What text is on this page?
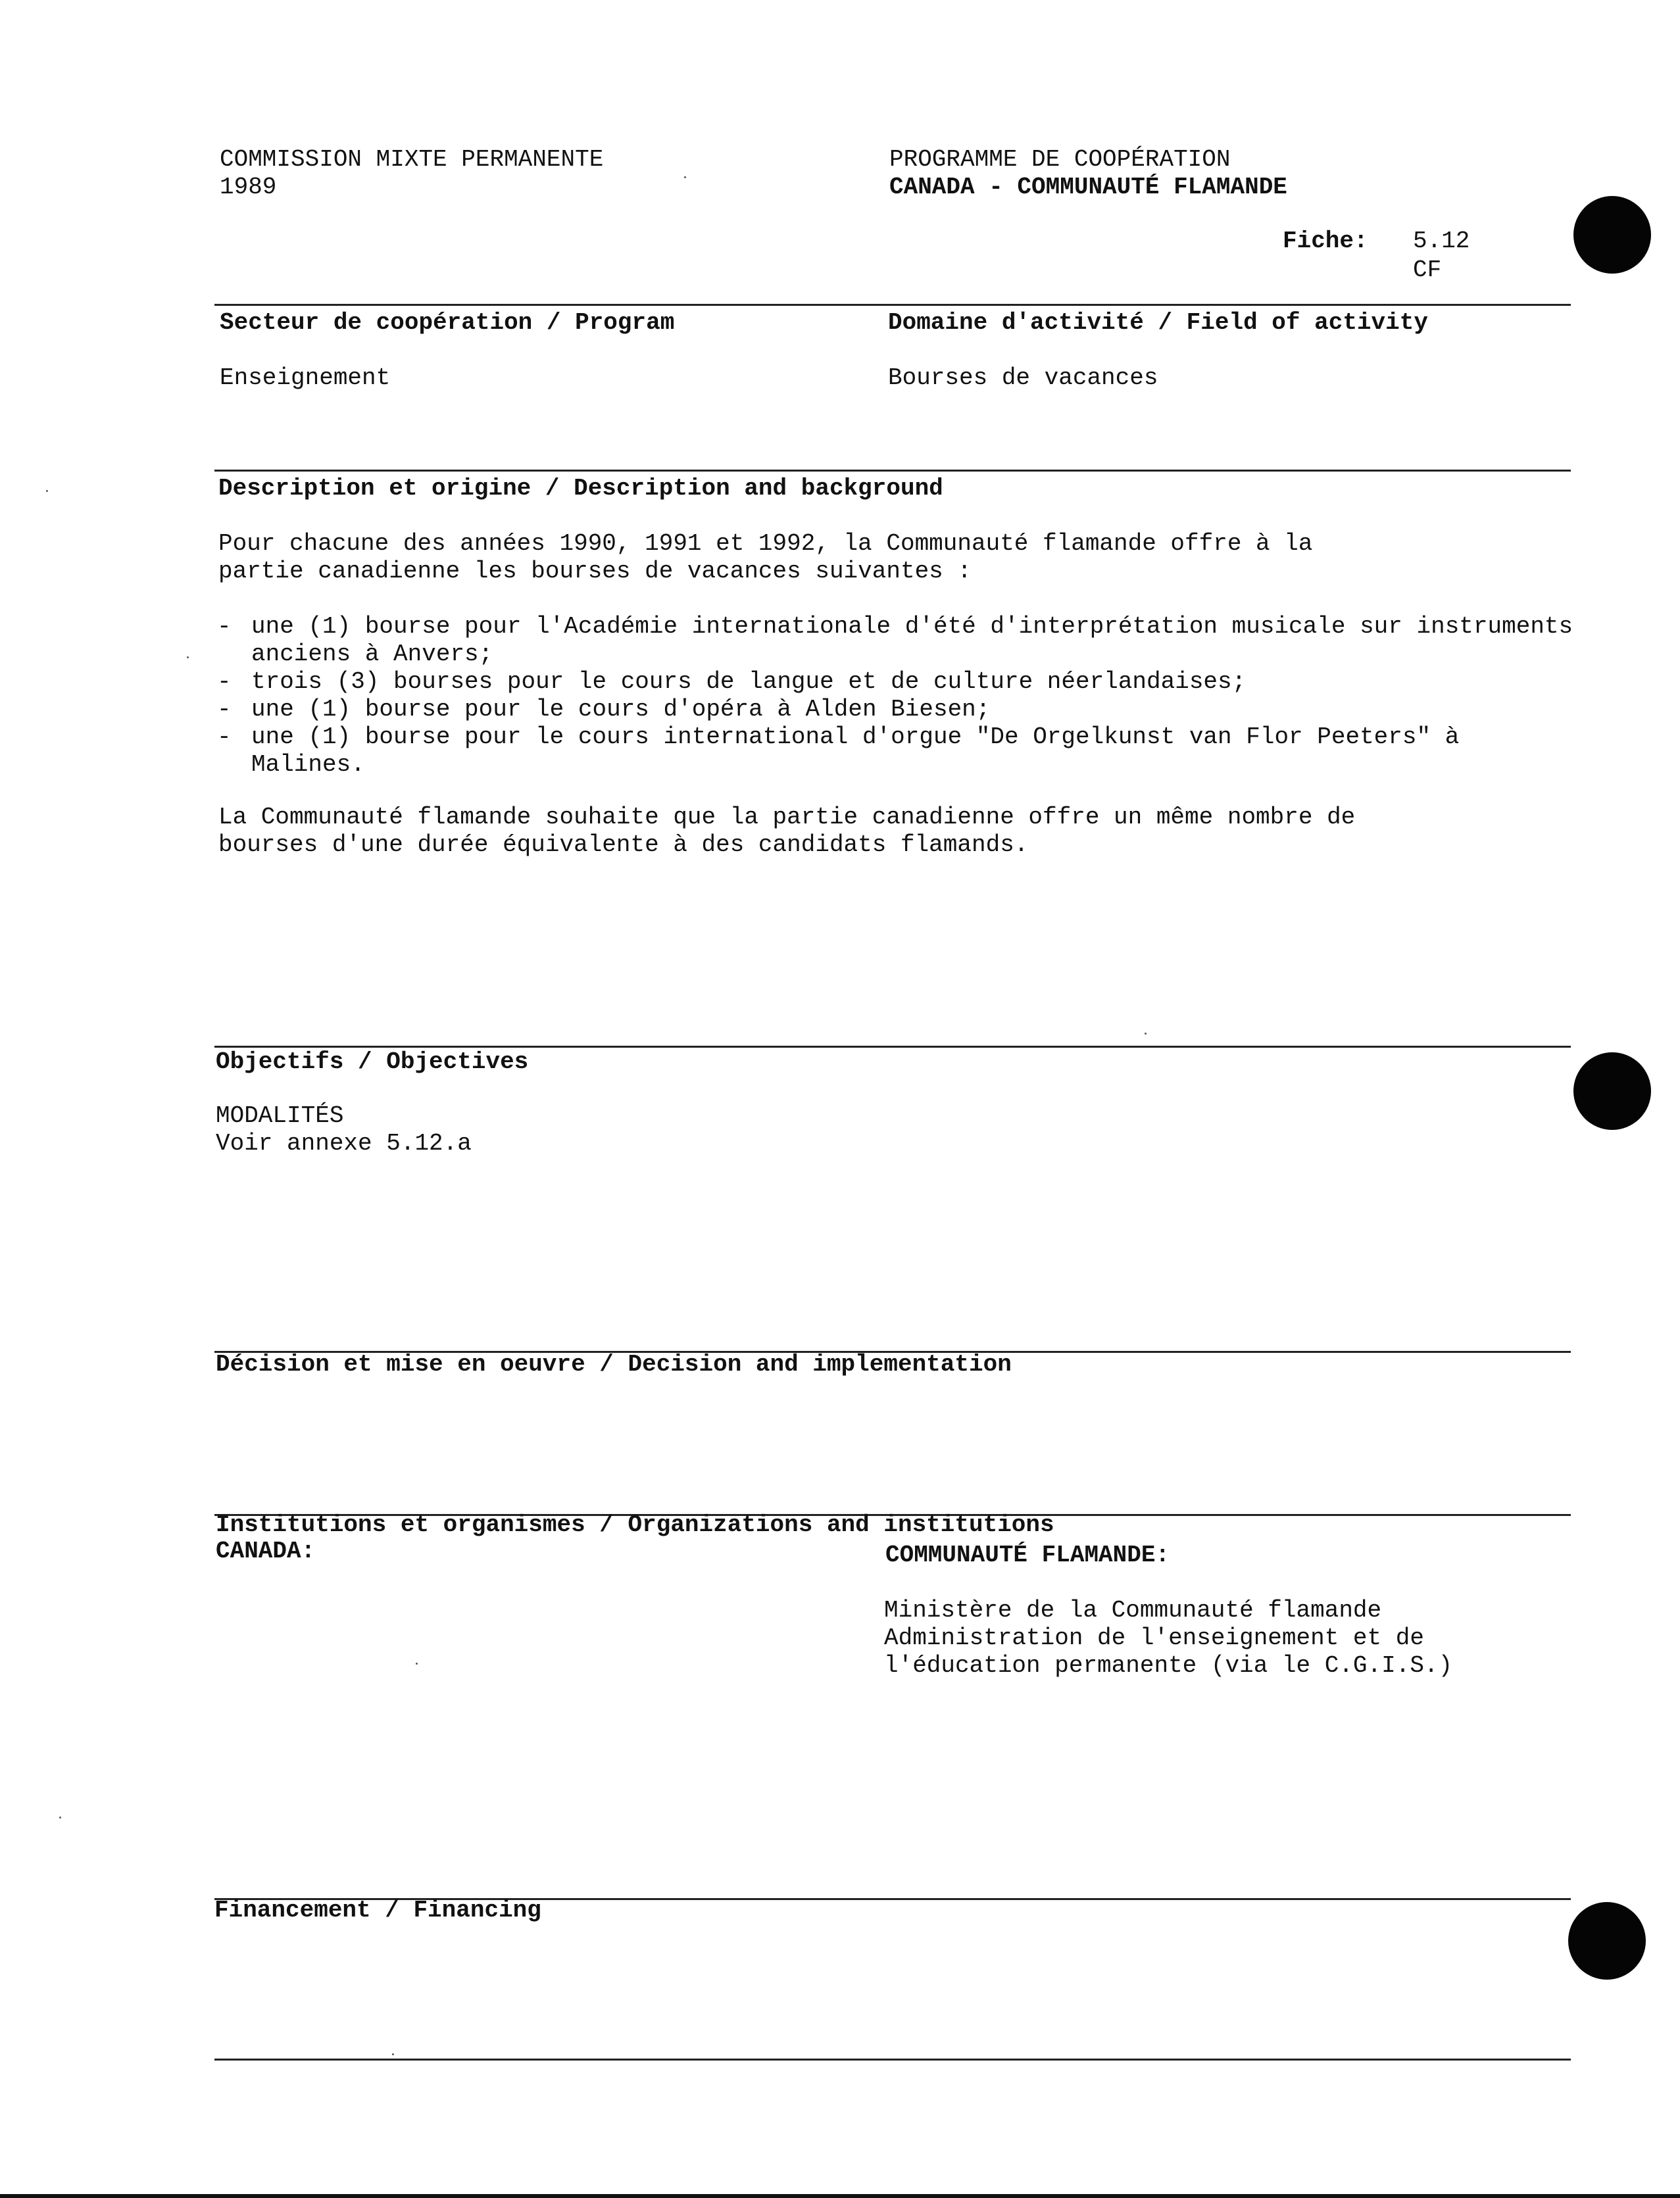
COMMISSION MIXTE PERMANENTE
1989
PROGRAMME DE COOPÉRATION
CANADA - COMMUNAUTÉ FLAMANDE
Fiche: 5.12
CF
Secteur de coopération / Program	Domaine d'activité / Field of activity
Enseignement	Bourses de vacances
Description et origine / Description and background
Pour chacune des années 1990, 1991 et 1992, la Communauté flamande offre à la
partie canadienne les bourses de vacances suivantes :
- une (1) bourse pour l'Académie internationale d'été d'interprétation musicale sur instruments anciens à Anvers;
- trois (3) bourses pour le cours de langue et de culture néerlandaises;
- une (1) bourse pour le cours d'opéra à Alden Biesen;
- une (1) bourse pour le cours international d'orgue "De Orgelkunst van Flor Peeters" à Malines.
La Communauté flamande souhaite que la partie canadienne offre un même nombre de
bourses d'une durée équivalente à des candidats flamands.
Objectifs / Objectives
MODALITÉS
Voir annexe 5.12.a
Décision et mise en oeuvre / Decision and implementation
Institutions et organismes / Organizations and institutions
CANADA:	COMMUNAUTÉ FLAMANDE:
Ministère de la Communauté flamande
Administration de l'enseignement et de
l'éducation permanente (via le C.G.I.S.)
Financement / Financing
